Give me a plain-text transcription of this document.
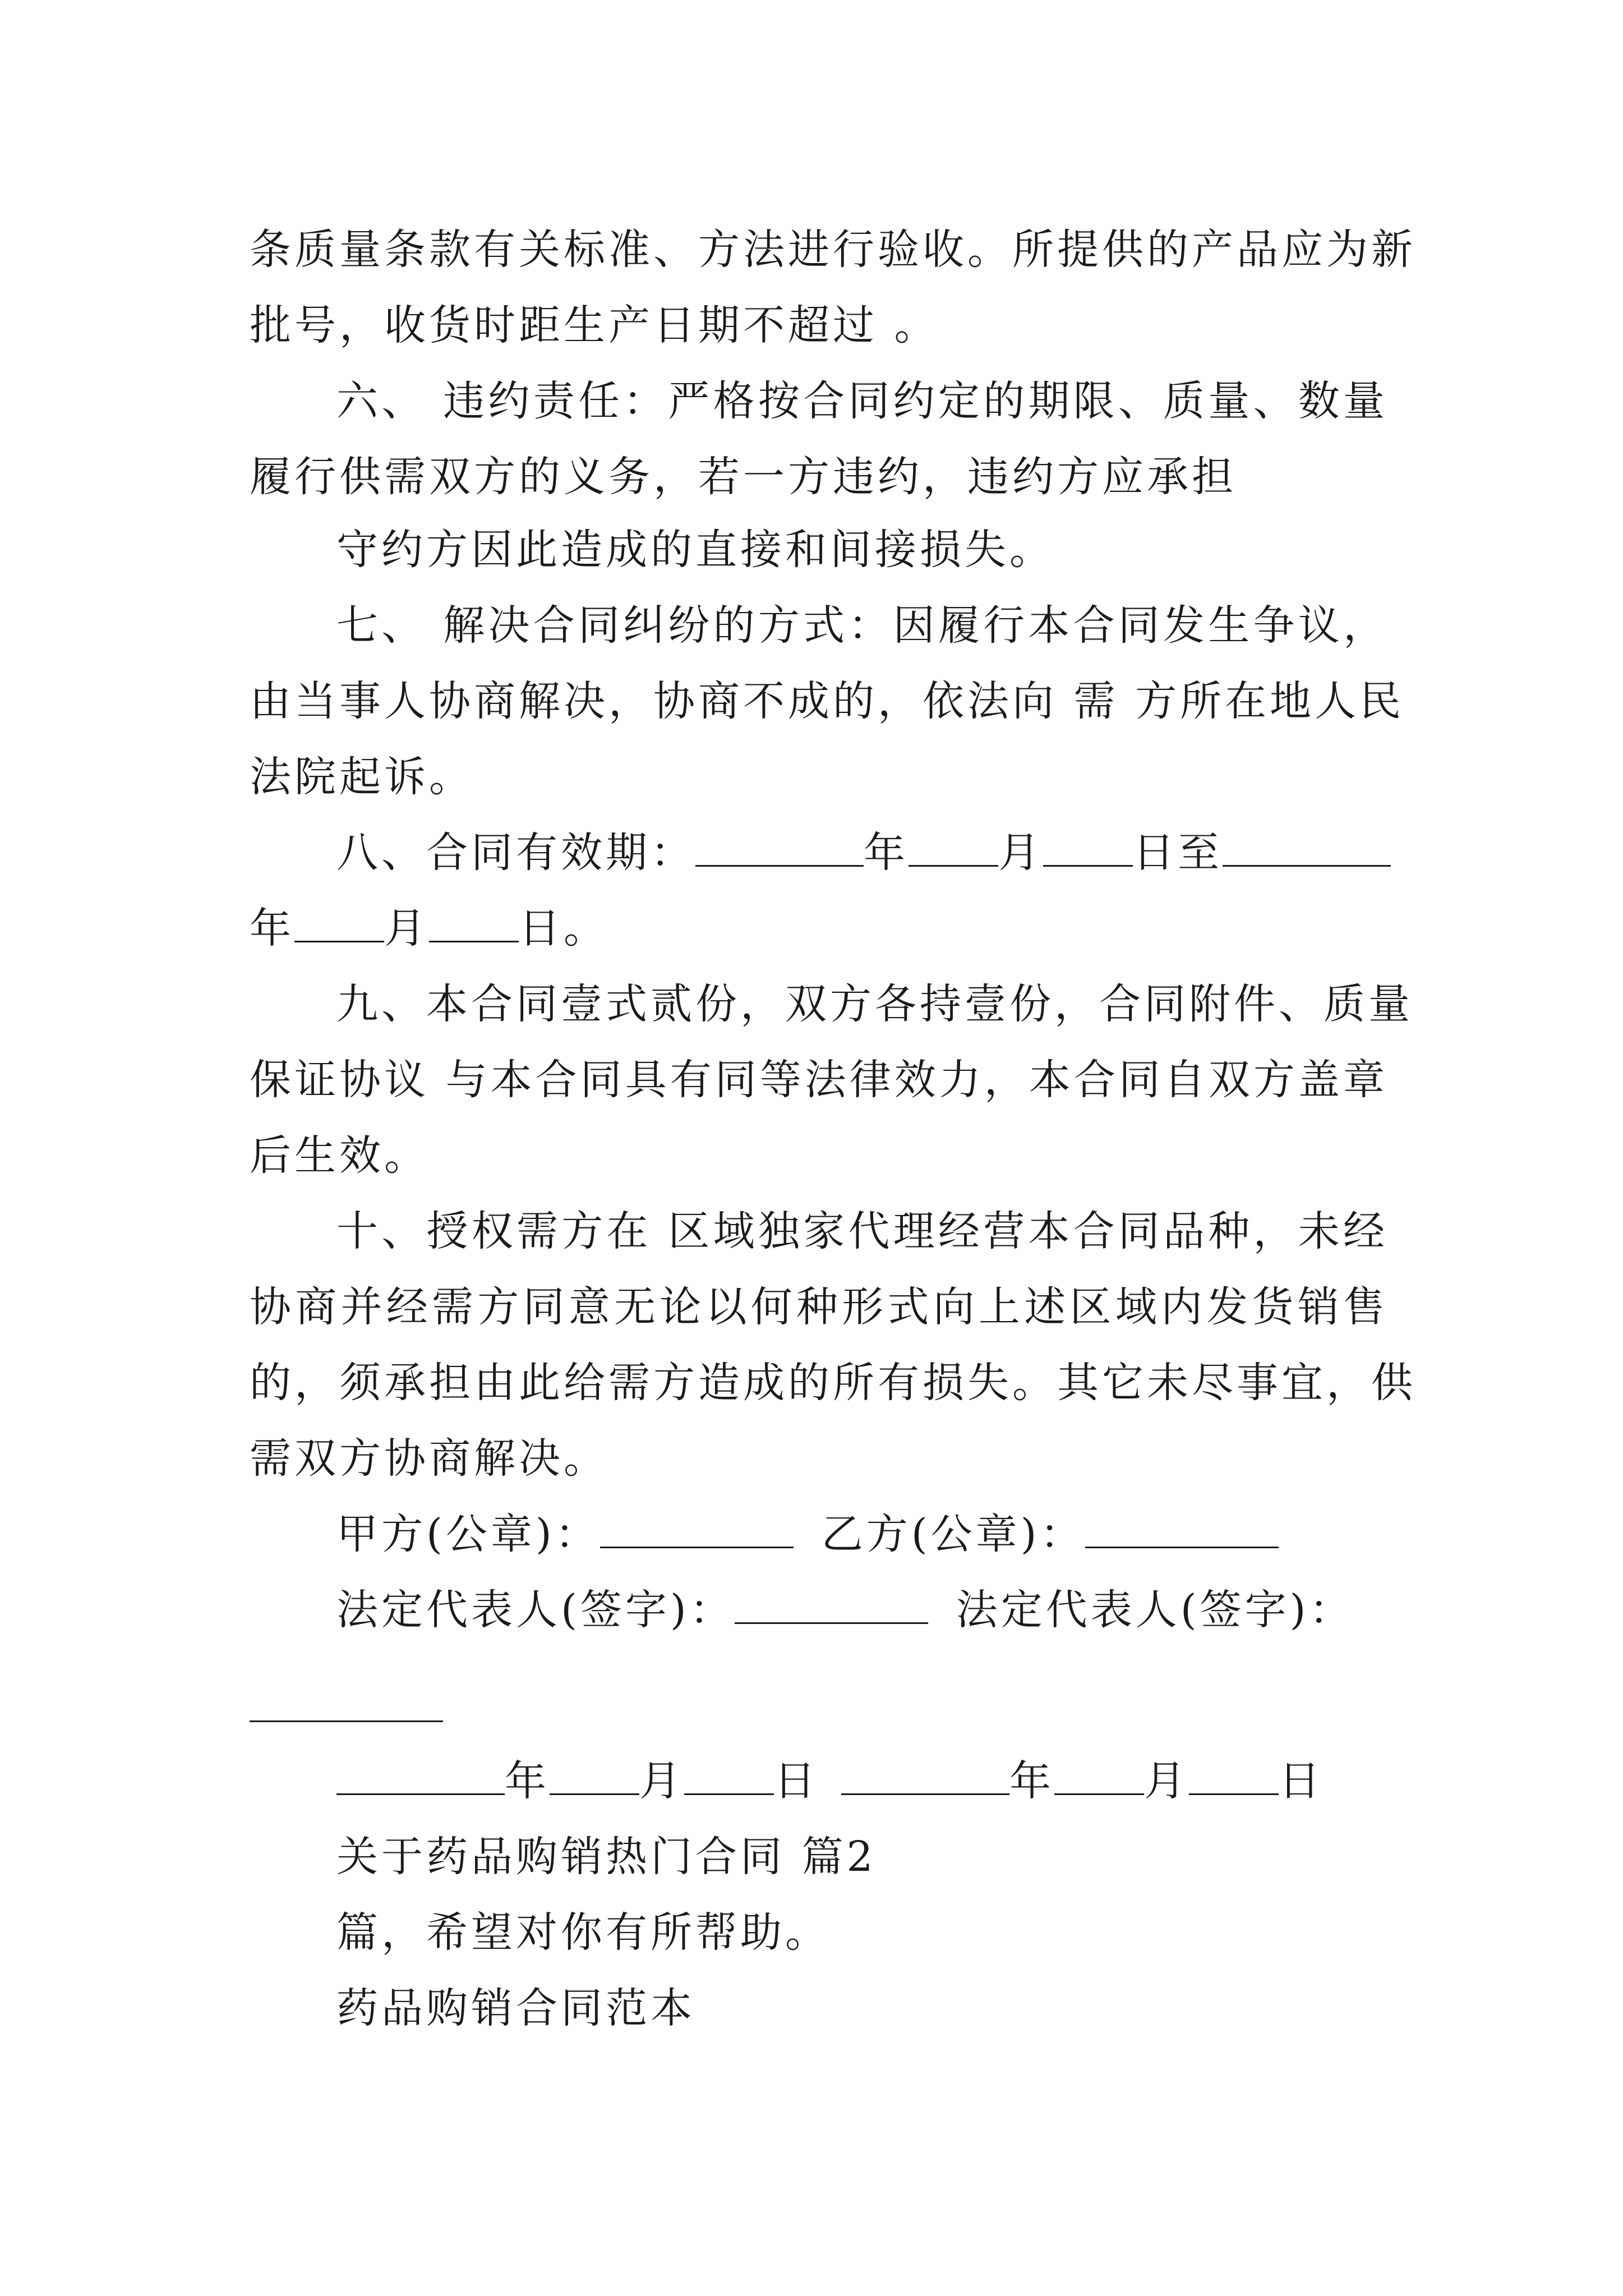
条质量条款有关标准、方法进行验收。所提供的产品应为新
批号，收货时距生产日期不超过 。
六、 违约责任：严格按合同约定的期限、质量、数量
履行供需双方的义务，若一方违约，违约方应承担
守约方因此造成的直接和间接损失。
七、 解决合同纠纷的方式：因履行本合同发生争议，
由当事人协商解决，协商不成的，依法向 需 方所在地人民
法院起诉。
八、合同有效期：	年 月 日至
年 月 日。
九、本合同壹式贰份，双方各持壹份，合同附件、质量
保证协议 与本合同具有同等法律效力，本合同自双方盖章
后生效。
十、授权需方在 区域独家代理经营本合同品种，未经
协商并经需方同意无论以何种形式向上述区域内发货销售
的，须承担由此给需方造成的所有损失。其它未尽事宜，供
需双方协商解决。
甲方(公章)：	乙方(公章)：
法定代表人(签字)：	法定代表人(签字)：
年 月 日	年 月 日
关于药品购销热门合同 篇2
篇，希望对你有所帮助。
药品购销合同范本
